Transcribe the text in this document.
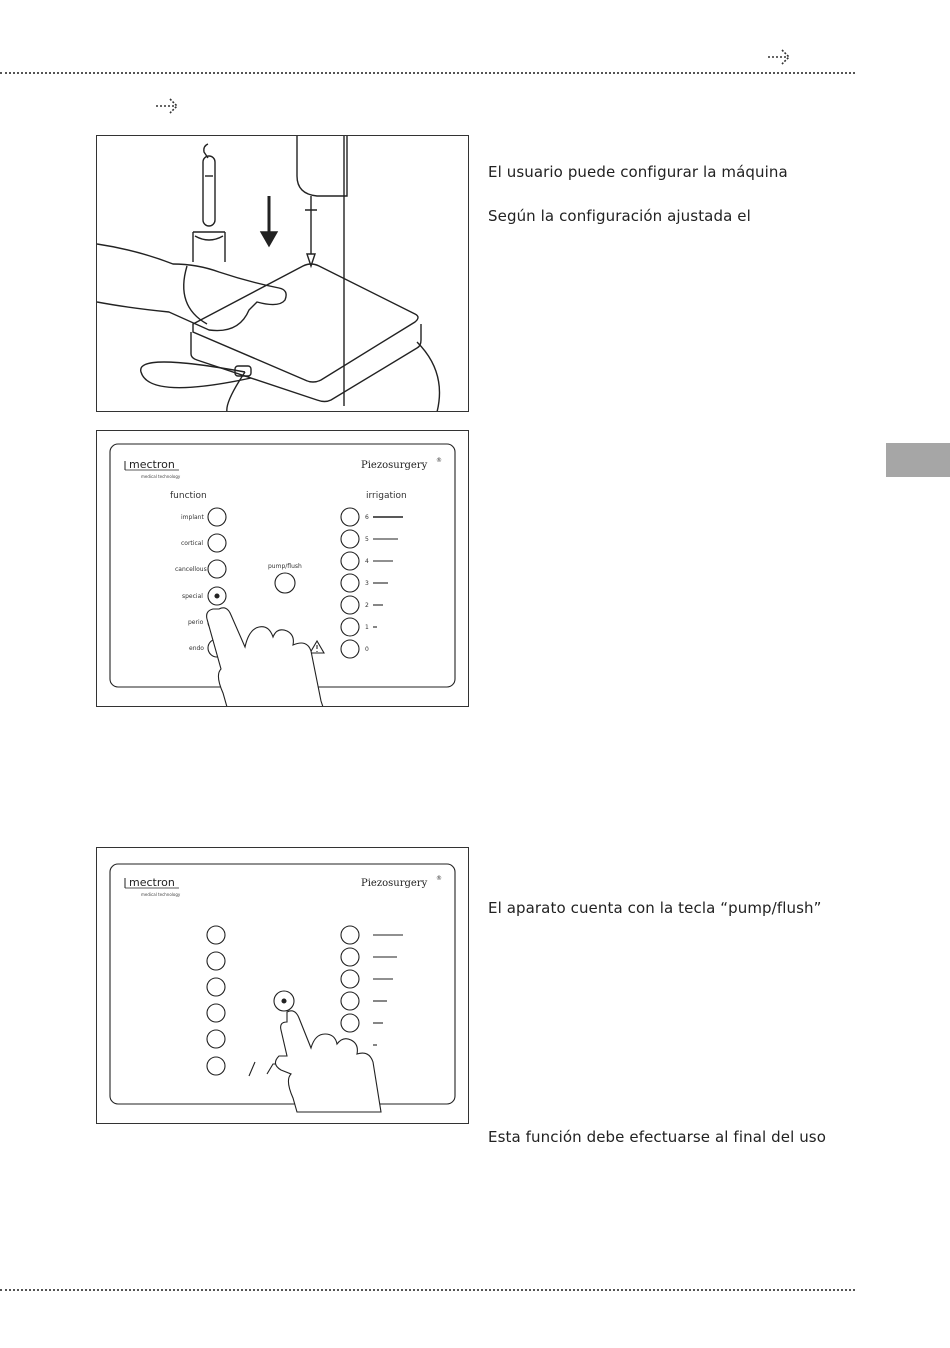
mectron
medical technology
Piezosurgery ®
function
implant
cortical
cancellous
special
perio
endo
pump/flush
irrigation
6
5
4
3
2
1
0
mectron
medical technology
Piezosurgery ®
El usuario puede configurar la máquina
Según la configuración ajustada el
El aparato cuenta con la tecla “pump/flush”
Esta función debe efectuarse al final del uso
